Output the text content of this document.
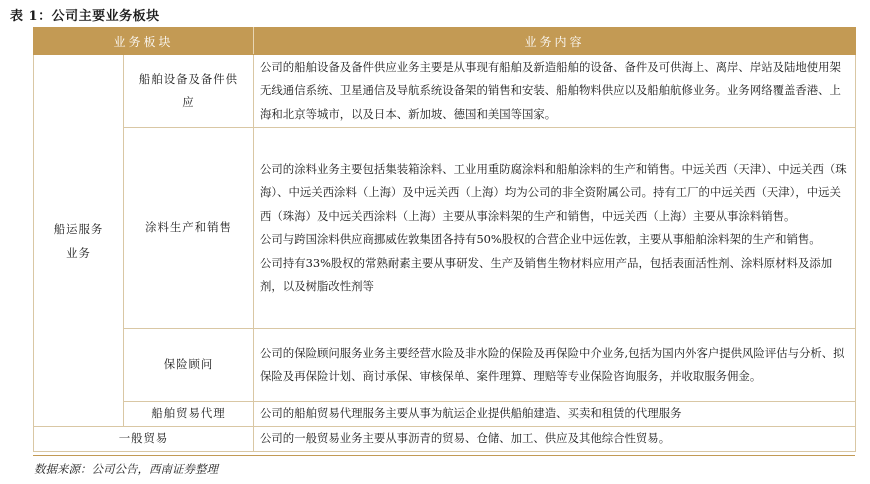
表 1：公司主要业务板块
业务板块		业务内容

船运服务业务	船舶设备及备件供应	公司的船舶设备及备件供应业务主要是从事现有船舶及新造船舶的设备、备件及可供海上、离岸、岸站及陆地使用架无线通信系统、卫星通信及导航系统设备架的销售和安装、船舶物料供应以及船舶航修业务。业务网络覆盖香港、上海和北京等城市，以及日本、新加坡、德国和美国等国家。

	涂料生产和销售	公司的涂料业务主要包括集装箱涂料、工业用重防腐涂料和船舶涂料的生产和销售。中远关西（天津）、中远关西（珠海）、中远关西涂料（上海）及中远关西（上海）均为公司的非全资附属公司。持有工厂的中远关西（天津），中远关西（珠海）及中远关西涂料（上海）主要从事涂料架的生产和销售，中远关西（上海）主要从事涂料销售。

公司与跨国涂料供应商挪威佐敦集团各持有50%股权的合营企业中远佐敦，主要从事船舶涂料架的生产和销售。

公司持有33%股权的常熟耐素主要从事研发、生产及销售生物材料应用产品，包括表面活性剂、涂料原材料及添加剂，以及树脂改性剂等

	保险顾问	公司的保险顾问服务业务主要经营水险及非水险的保险及再保险中介业务,包括为国内外客户提供风险评估与分析、拟保险及再保险计划、商讨承保、审核保单、案件理算、理赔等专业保险咨询服务，并收取服务佣金。

	船舶贸易代理	公司的船舶贸易代理服务主要从事为航运企业提供船舶建造、买卖和租赁的代理服务
一般贸易		公司的一般贸易业务主要从事沥青的贸易、仓储、加工、供应及其他综合性贸易。
数据来源：公司公告，西南证券整理
